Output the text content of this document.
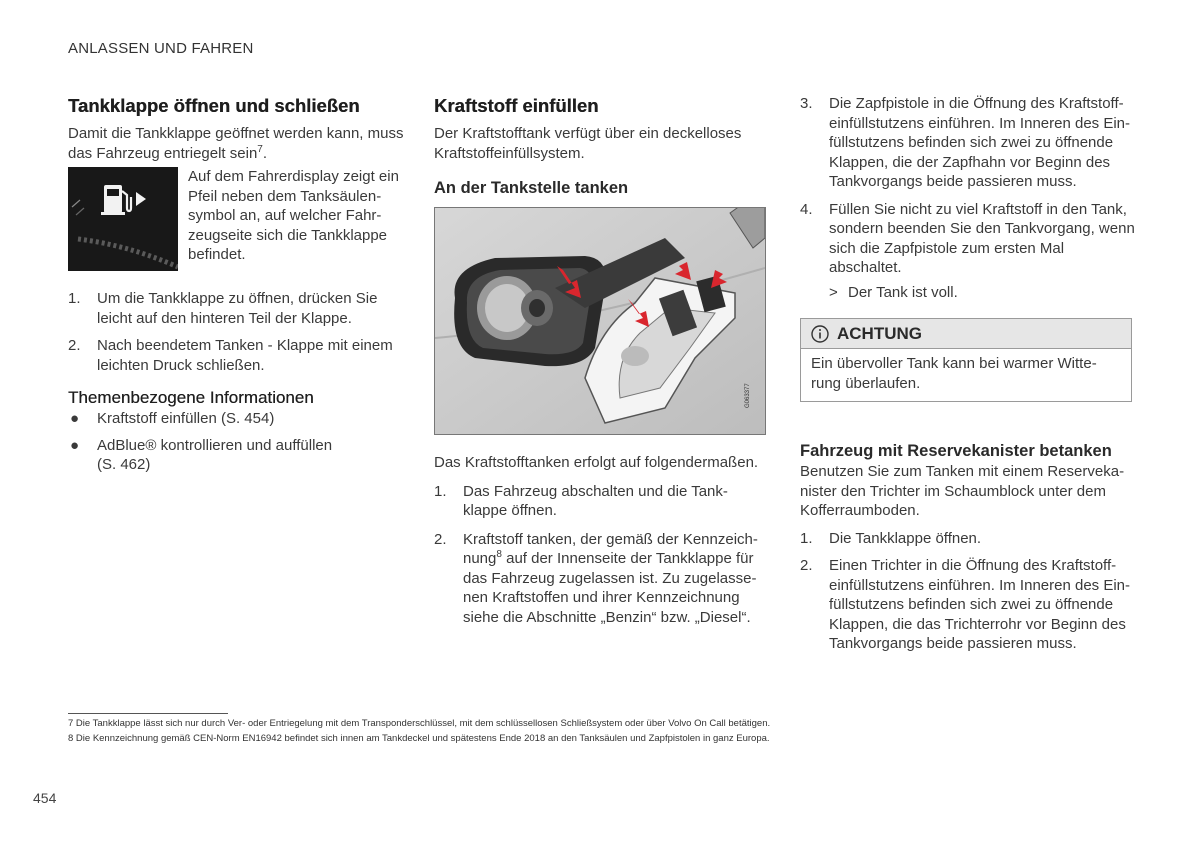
ANLASSEN UND FAHREN
Tankklappe öffnen und schließen

Damit die Tankklappe geöffnet werden kann, muss das Fahrzeug entriegelt sein$^7$.

Auf dem Fahrerdisplay zeigt ein Pfeil neben dem Tanksäulensymbol an, auf welcher Fahrzeugseite sich die Tankklappe befindet.

1. Um die Tankklappe zu öffnen, drücken Sie leicht auf den hinteren Teil der Klappe.
2. Nach beendetem Tanken - Klappe mit einem leichten Druck schließen.
Themenbezogene Informationen
● Kraftstoff einfüllen (S. 454)
● AdBlue® kontrollieren und auffüllen (S. 462)
Kraftstoff einfüllen

Der Kraftstofftank verfügt über ein deckelloses Kraftstoffeinfüllsystem.

An der Tankstelle tanken
G063377

Das Kraftstofftanken erfolgt auf folgendermaßen.

1. Das Fahrzeug abschalten und die Tankklappe öffnen.
2. Kraftstoff tanken, der gemäß der Kennzeichnung$^8$ auf der Innenseite der Tankklappe für das Fahrzeug zugelassen ist. Zu zugelassenen Kraftstoffen und ihrer Kennzeichnung siehe die Abschnitte „Benzin“ bzw. „Diesel“.
3. Die Zapfpistole in die Öffnung des Kraftstoffeinfüllstutzens einführen. Im Inneren des Einfüllstutzens befinden sich zwei zu öffnende Klappen, die der Zapfhahn vor Beginn des Tankvorgangs beide passieren muss.
4. Füllen Sie nicht zu viel Kraftstoff in den Tank, sondern beenden Sie den Tankvorgang, wenn sich die Zapfpistole zum ersten Mal abschaltet.
> Der Tank ist voll.
ACHTUNG
Ein übervoller Tank kann bei warmer Witterung überlaufen.
Fahrzeug mit Reservekanister betanken

Benutzen Sie zum Tanken mit einem Reservekanister den Trichter im Schaumblock unter dem Kofferraumboden.

1. Die Tankklappe öffnen.
2. Einen Trichter in die Öffnung des Kraftstoffeinfüllstutzens einführen. Im Inneren des Einfüllstutzens befinden sich zwei zu öffnende Klappen, die das Trichterrohr vor Beginn des Tankvorgangs beide passieren muss.
7 Die Tankklappe lässt sich nur durch Ver- oder Entriegelung mit dem Transponderschlüssel, mit dem schlüssellosen Schließsystem oder über Volvo On Call betätigen.
8 Die Kennzeichnung gemäß CEN-Norm EN16942 befindet sich innen am Tankdeckel und spätestens Ende 2018 an den Tanksäulen und Zapfpistolen in ganz Europa.
454
